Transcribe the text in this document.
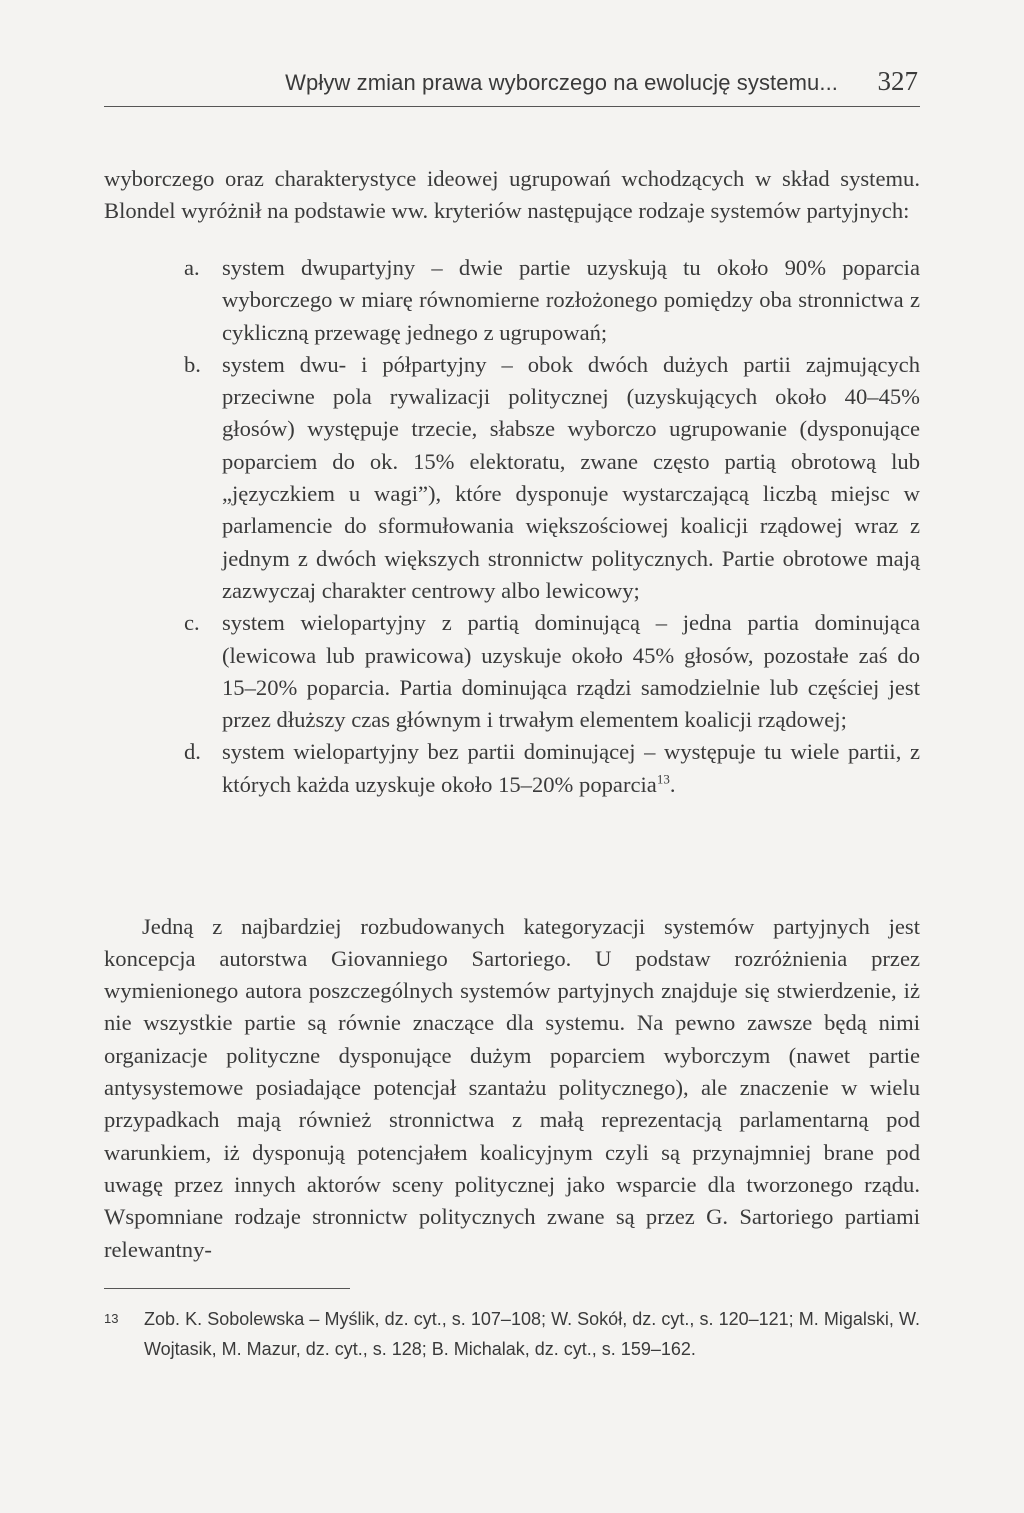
Wpływ zmian prawa wyborczego na ewolucję systemu... 327

wyborczego oraz charakterystyce ideowej ugrupowań wchodzących w skład systemu. Blondel wyróżnił na podstawie ww. kryteriów następujące rodzaje systemów partyjnych:

a. system dwupartyjny – dwie partie uzyskują tu około 90% poparcia wyborczego w miarę równomierne rozłożonego pomiędzy oba stronnictwa z cykliczną przewagę jednego z ugrupowań;
b. system dwu- i półpartyjny – obok dwóch dużych partii zajmujących przeciwne pola rywalizacji politycznej (uzyskujących około 40–45% głosów) występuje trzecie, słabsze wyborczo ugrupowanie (dysponujące poparciem do ok. 15% elektoratu, zwane często partią obrotową lub „języczkiem u wagi”), które dysponuje wystarczającą liczbą miejsc w parlamencie do sformułowania większościowej koalicji rządowej wraz z jednym z dwóch większych stronnictw politycznych. Partie obrotowe mają zazwyczaj charakter centrowy albo lewicowy;
c. system wielopartyjny z partią dominującą – jedna partia dominująca (lewicowa lub prawicowa) uzyskuje około 45% głosów, pozostałe zaś do 15–20% poparcia. Partia dominująca rządzi samodzielnie lub częściej jest przez dłuższy czas głównym i trwałym elementem koalicji rządowej;
d. system wielopartyjny bez partii dominującej – występuje tu wiele partii, z których każda uzyskuje około 15–20% poparcia$^{13}$.

Jedną z najbardziej rozbudowanych kategoryzacji systemów partyjnych jest koncepcja autorstwa Giovanniego Sartoriego. U podstaw rozróżnienia przez wymienionego autora poszczególnych systemów partyjnych znajduje się stwierdzenie, iż nie wszystkie partie są równie znaczące dla systemu. Na pewno zawsze będą nimi organizacje polityczne dysponujące dużym poparciem wyborczym (nawet partie antysystemowe posiadające potencjał szantażu politycznego), ale znaczenie w wielu przypadkach mają również stronnictwa z małą reprezentacją parlamentarną pod warunkiem, iż dysponują potencjałem koalicyjnym czyli są przynajmniej brane pod uwagę przez innych aktorów sceny politycznej jako wsparcie dla tworzonego rządu. Wspomniane rodzaje stronnictw politycznych zwane są przez G. Sartoriego partiami relewantny-

13	Zob. K. Sobolewska – Myślik, dz. cyt., s. 107–108; W. Sokół, dz. cyt., s. 120–121; M. Migalski, W. Wojtasik, M. Mazur, dz. cyt., s. 128; B. Michalak, dz. cyt., s. 159–162.
